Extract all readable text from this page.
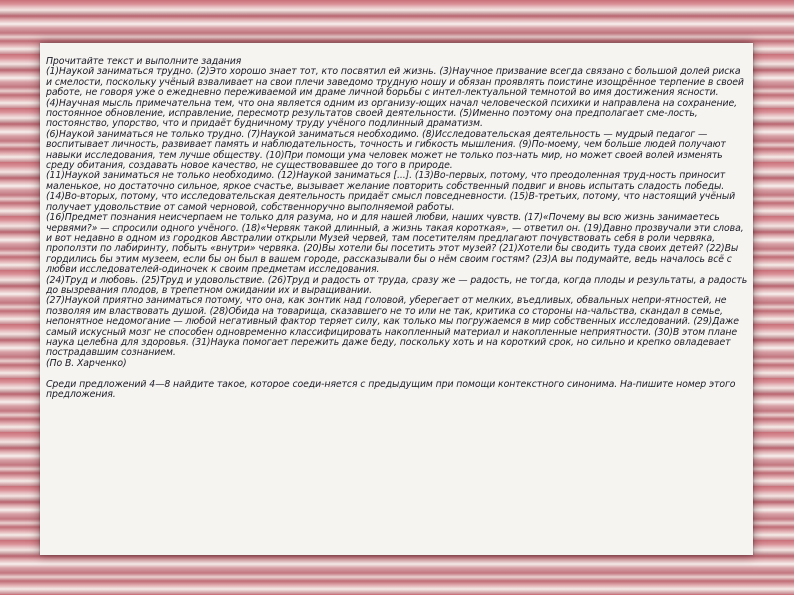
Прочитайте текст и выполните задания

(1)Наукой заниматься трудно. (2)Это хорошо знает тот, кто посвятил ей жизнь. (3)Научное призвание всегда связано с большой долей риска и смелости, поскольку учёный взваливает на свои плечи заведомо трудную ношу и обязан проявлять поистине изощрённое терпение в своей работе, не говоря уже о ежедневно переживаемой им драме личной борьбы с интел-лектуальной темнотой во имя достижения ясности. (4)Научная мысль примечательна тем, что она является одним из организу-ющих начал человеческой психики и направлена на сохранение, постоянное обновление, исправление, пересмотр результатов своей деятельности. (5)Именно поэтому она предполагает сме-лость, постоянство, упорство, что и придаёт будничному труду учёного подлинный драматизм.

(6)Наукой заниматься не только трудно. (7)Наукой заниматься необходимо. (8)Исследовательская деятельность — мудрый педагог — воспитывает личность, развивает память и наблюдательность, точность и гибкость мышления. (9)По-моему, чем больше людей получают навыки исследования, тем лучше обществу. (10)При помощи ума человек может не только поз-нать мир, но может своей волей изменять среду обитания, создавать новое качество, не существовавшее до того в природе.

(11)Наукой заниматься не только необходимо. (12)Наукой заниматься [...]. (13)Во-первых, потому, что преодоленная труд-ность приносит маленькое, но достаточно сильное, яркое счастье, вызывает желание повторить собственный подвиг и вновь испытать сладость победы. (14)Во-вторых, потому, что исследовательская деятельность придаёт смысл повседневности. (15)В-третьих, потому, что настоящий учёный получает удовольствие от самой черновой, собственноручно выполняемой работы.

(16)Предмет познания неисчерпаем не только для разума, но и для нашей любви, наших чувств. (17)«Почему вы всю жизнь занимаетесь червями?» — спросили одного учёного. (18)«Червяк такой длинный, а жизнь такая короткая», — ответил он. (19)Давно прозвучали эти слова, и вот недавно в одном из городков Австралии открыли Музей червей, там посетителям предлагают почувствовать себя в роли червяка, проползти по лабиринту, побыть «внутри» червяка. (20)Вы хотели бы посетить этот музей? (21)Хотели бы сводить туда своих детей? (22)Вы гордились бы этим музеем, если бы он был в вашем городе, рассказывали бы о нём своим гостям? (23)А вы подумайте, ведь началось всё с любви исследователей-одиночек к своим предметам исследования.

(24)Труд и любовь. (25)Труд и удовольствие. (26)Труд и радость от труда, сразу же — радость, не тогда, когда плоды и результаты, а радость до вызревания плодов, в трепетном ожидании их и выращивании.

(27)Наукой приятно заниматься потому, что она, как зонтик над головой, уберегает от мелких, въедливых, обвальных непри-ятностей, не позволяя им властвовать душой. (28)Обида на товарища, сказавшего не то или не так, критика со стороны на-чальства, скандал в семье, непонятное недомогание — любой негативный фактор теряет силу, как только мы погружаемся в мир собственных исследований. (29)Даже самый искусный мозг не способен одновременно классифицировать накопленный материал и накопленные неприятности. (30)В этом плане наука целебна для здоровья. (31)Наука помогает пережить даже беду, поскольку хоть и на короткий срок, но сильно и крепко овладевает пострадавшим сознанием.

(По В. Харченко)

Среди предложений 4—8 найдите такое, которое соеди-няется с предыдущим при помощи контекстного синонима. На-пишите номер этого предложения.
